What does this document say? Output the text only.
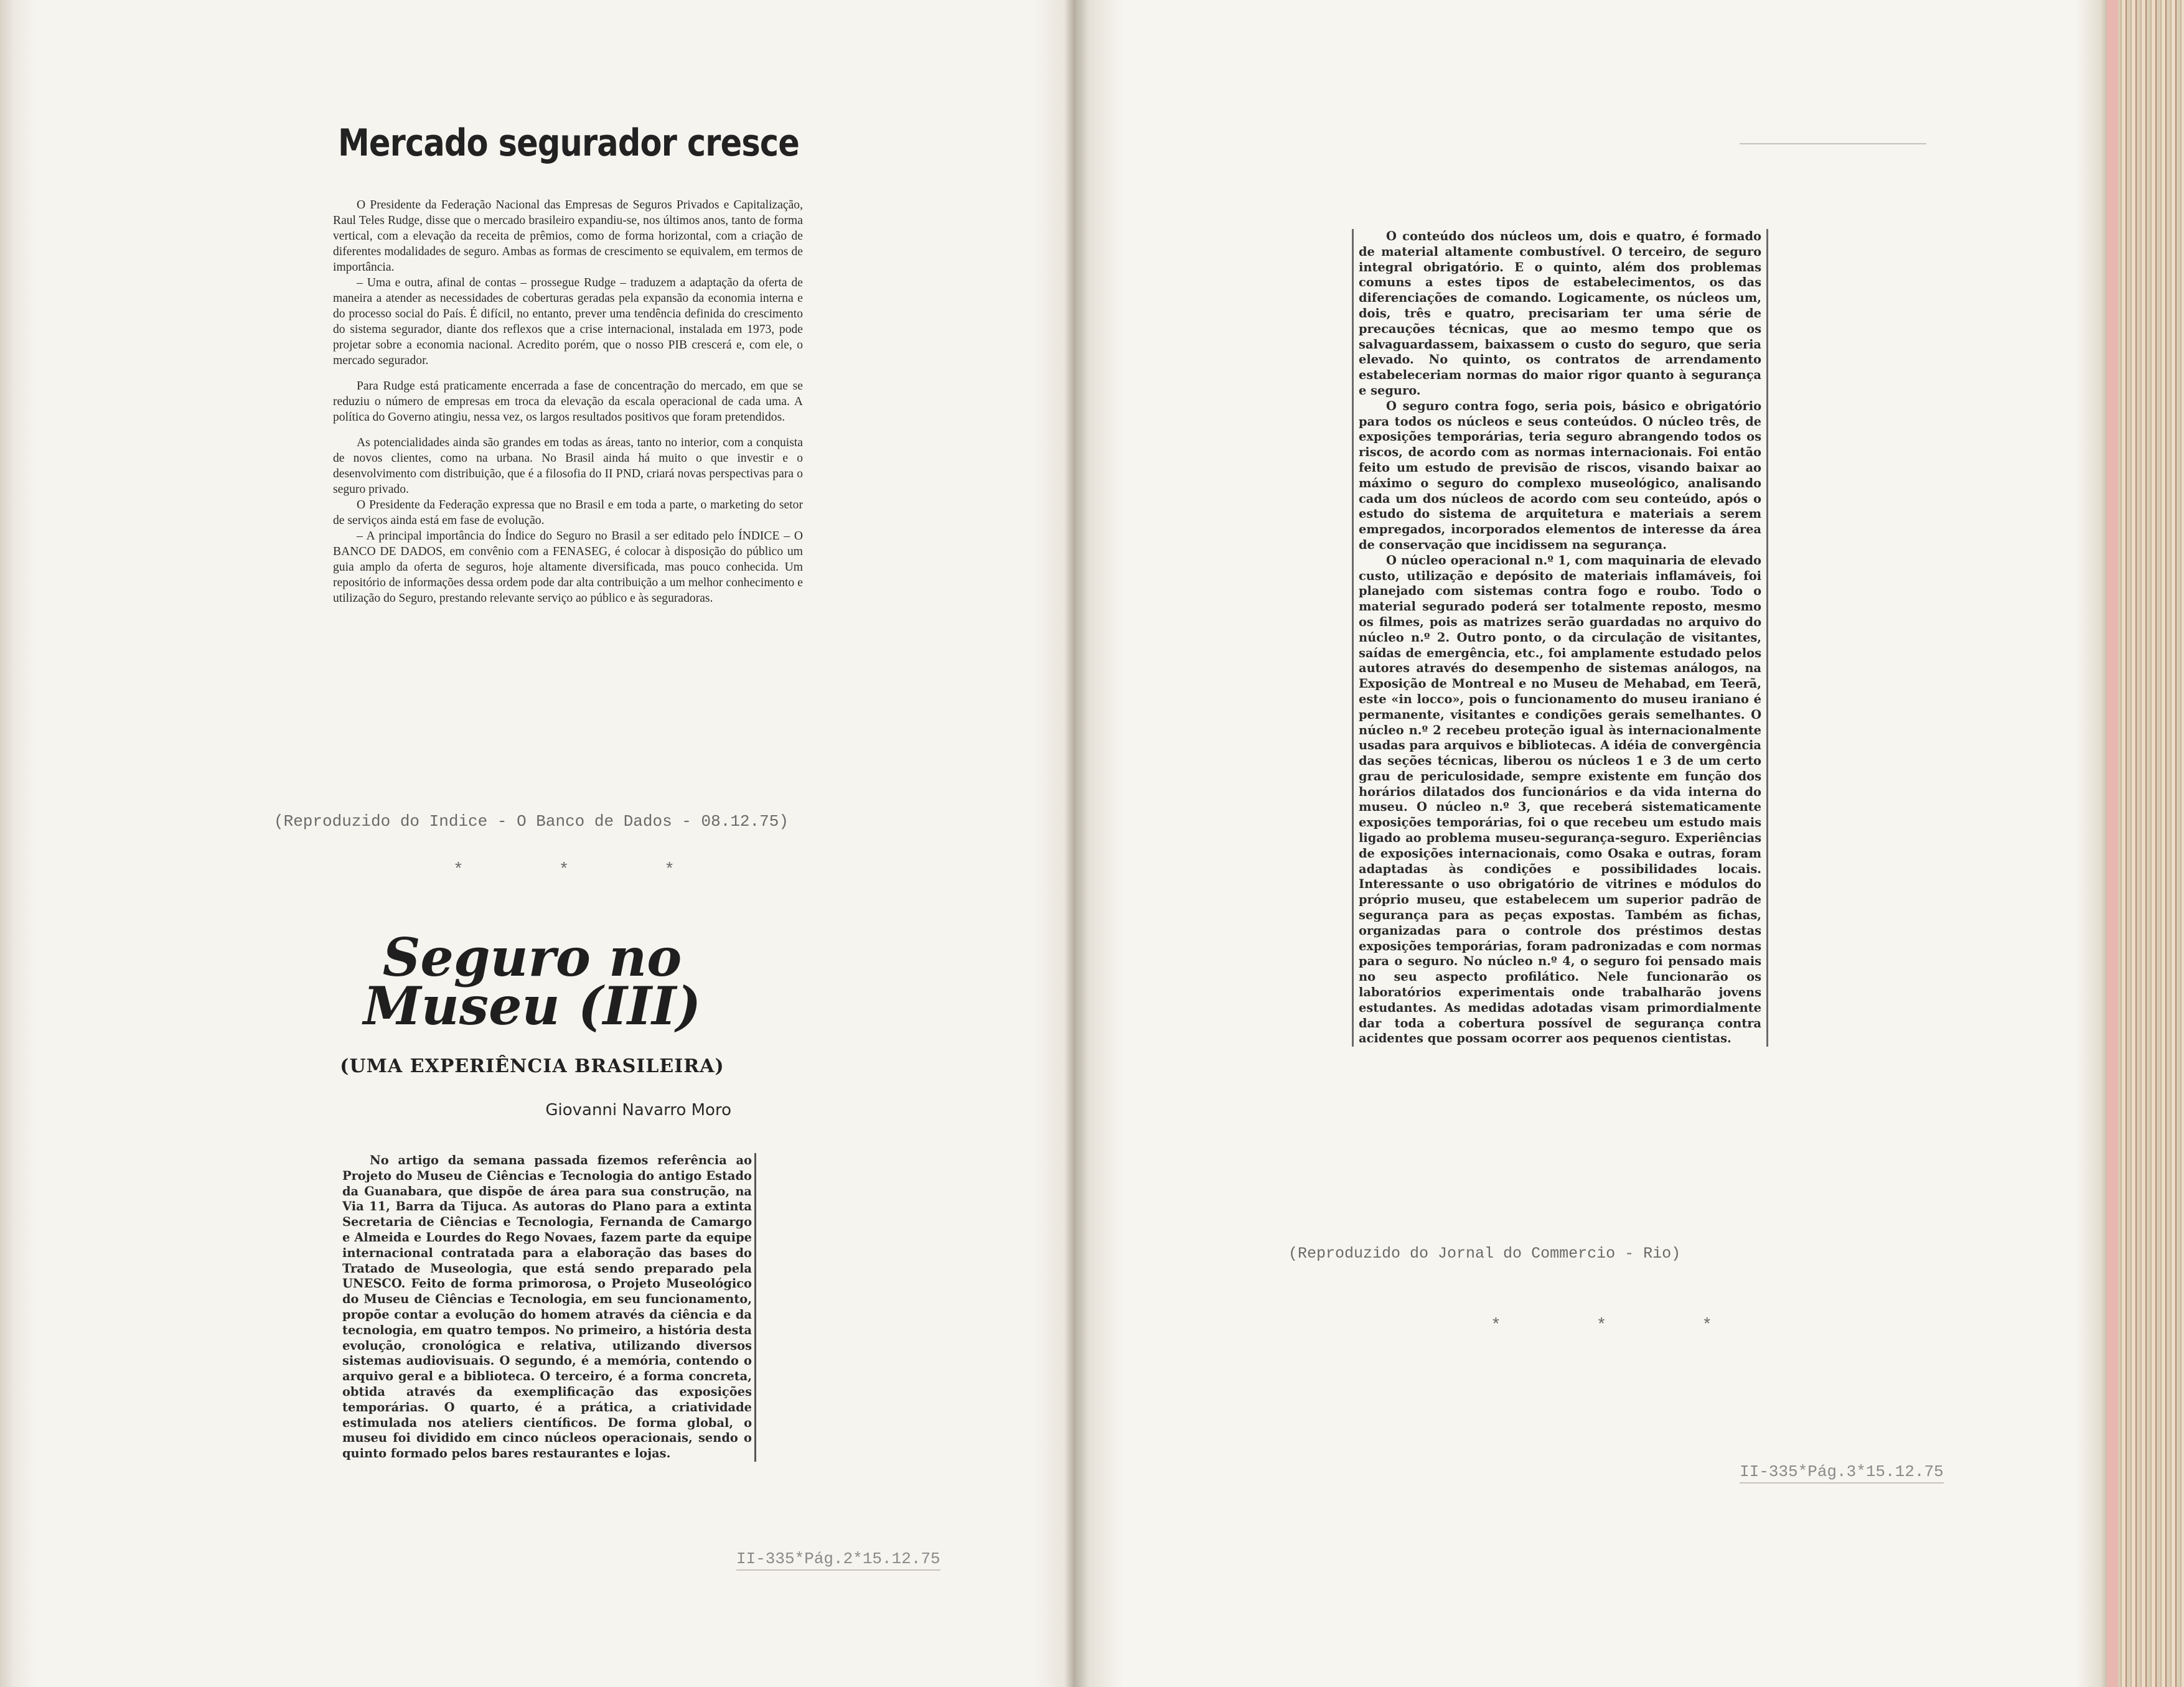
Mercado segurador cresce

O Presidente da Federação Nacional das Empresas de Seguros Privados e Capitalização, Raul Teles Rudge, disse que o mercado brasileiro expandiu-se, nos últimos anos, tanto de forma vertical, com a elevação da receita de prêmios, como de forma horizontal, com a criação de diferentes modalidades de seguro. Ambas as formas de crescimento se equivalem, em termos de importância.

– Uma e outra, afinal de contas – prossegue Rudge – traduzem a adaptação da oferta de maneira a atender as necessidades de coberturas geradas pela expansão da economia interna e do processo social do País. É difícil, no entanto, prever uma tendência definida do crescimento do sistema segurador, diante dos reflexos que a crise internacional, instalada em 1973, pode projetar sobre a economia nacional. Acredito porém, que o nosso PIB crescerá e, com ele, o mercado segurador.

Para Rudge está praticamente encerrada a fase de concentração do mercado, em que se reduziu o número de empresas em troca da elevação da escala operacional de cada uma. A política do Governo atingiu, nessa vez, os largos resultados positivos que foram pretendidos.

As potencialidades ainda são grandes em todas as áreas, tanto no interior, com a conquista de novos clientes, como na urbana. No Brasil ainda há muito o que investir e o desenvolvimento com distribuição, que é a filosofia do II PND, criará novas perspectivas para o seguro privado.

O Presidente da Federação expressa que no Brasil e em toda a parte, o marketing do setor de serviços ainda está em fase de evolução.

– A principal importância do Índice do Seguro no Brasil a ser editado pelo ÍNDICE – O BANCO DE DADOS, em convênio com a FENASEG, é colocar à disposição do público um guia amplo da oferta de seguros, hoje altamente diversificada, mas pouco conhecida. Um repositório de informações dessa ordem pode dar alta contribuição a um melhor conhecimento e utilização do Seguro, prestando relevante serviço ao público e às seguradoras.

(Reproduzido do Indice - O Banco de Dados - 08.12.75)
* * *
Seguro no
Museu (III)
(UMA EXPERIÊNCIA BRASILEIRA)
Giovanni Navarro Moro

No artigo da semana passada fizemos referência ao Projeto do Museu de Ciências e Tecnologia do antigo Estado da Guanabara, que dispõe de área para sua construção, na Via 11, Barra da Tijuca. As autoras do Plano para a extinta Secretaria de Ciências e Tecnologia, Fernanda de Camargo e Almeida e Lourdes do Rego Novaes, fazem parte da equipe internacional contratada para a elaboração das bases do Tratado de Museologia, que está sendo preparado pela UNESCO. Feito de forma primorosa, o Projeto Museológico do Museu de Ciências e Tecnologia, em seu funcionamento, propõe contar a evolução do homem através da ciência e da tecnologia, em quatro tempos. No primeiro, a história desta evolução, cronológica e relativa, utilizando diversos sistemas audiovisuais. O segundo, é a memória, contendo o arquivo geral e a biblioteca. O terceiro, é a forma concreta, obtida através da exemplificação das exposições temporárias. O quarto, é a prática, a criatividade estimulada nos ateliers científicos. De forma global, o museu foi dividido em cinco núcleos operacionais, sendo o quinto formado pelos bares restaurantes e lojas.

II-335*Pág.2*15.12.75

O conteúdo dos núcleos um, dois e quatro, é formado de material altamente combustível. O terceiro, de seguro integral obrigatório. E o quinto, além dos problemas comuns a estes tipos de estabelecimentos, os das diferenciações de comando. Logicamente, os núcleos um, dois, três e quatro, precisariam ter uma série de precauções técnicas, que ao mesmo tempo que os salvaguardassem, baixassem o custo do seguro, que seria elevado. No quinto, os contratos de arrendamento estabeleceriam normas do maior rigor quanto à segurança e seguro.

O seguro contra fogo, seria pois, básico e obrigatório para todos os núcleos e seus conteúdos. O núcleo três, de exposições temporárias, teria seguro abrangendo todos os riscos, de acordo com as normas internacionais. Foi então feito um estudo de previsão de riscos, visando baixar ao máximo o seguro do complexo museológico, analisando cada um dos núcleos de acordo com seu conteúdo, após o estudo do sistema de arquitetura e materiais a serem empregados, incorporados elementos de interesse da área de conservação que incidissem na segurança.

O núcleo operacional n.º 1, com maquinaria de elevado custo, utilização e depósito de materiais inflamáveis, foi planejado com sistemas contra fogo e roubo. Todo o material segurado poderá ser totalmente reposto, mesmo os filmes, pois as matrizes serão guardadas no arquivo do núcleo n.º 2. Outro ponto, o da circulação de visitantes, saídas de emergência, etc., foi amplamente estudado pelos autores através do desempenho de sistemas análogos, na Exposição de Montreal e no Museu de Mehabad, em Teerã, este «in locco», pois o funcionamento do museu iraniano é permanente, visitantes e condições gerais semelhantes. O núcleo n.º 2 recebeu proteção igual às internacionalmente usadas para arquivos e bibliotecas. A idéia de convergência das seções técnicas, liberou os núcleos 1 e 3 de um certo grau de periculosidade, sempre existente em função dos horários dilatados dos funcionários e da vida interna do museu. O núcleo n.º 3, que receberá sistematicamente exposições temporárias, foi o que recebeu um estudo mais ligado ao problema museu-segurança-seguro. Experiências de exposições internacionais, como Osaka e outras, foram adaptadas às condições e possibilidades locais. Interessante o uso obrigatório de vitrines e módulos do próprio museu, que estabelecem um superior padrão de segurança para as peças expostas. Também as fichas, organizadas para o controle dos préstimos destas exposições temporárias, foram padronizadas e com normas para o seguro. No núcleo n.º 4, o seguro foi pensado mais no seu aspecto profilático. Nele funcionarão os laboratórios experimentais onde trabalharão jovens estudantes. As medidas adotadas visam primordialmente dar toda a cobertura possível de segurança contra acidentes que possam ocorrer aos pequenos cientistas.

(Reproduzido do Jornal do Commercio - Rio)
* * *
II-335*Pág.3*15.12.75
